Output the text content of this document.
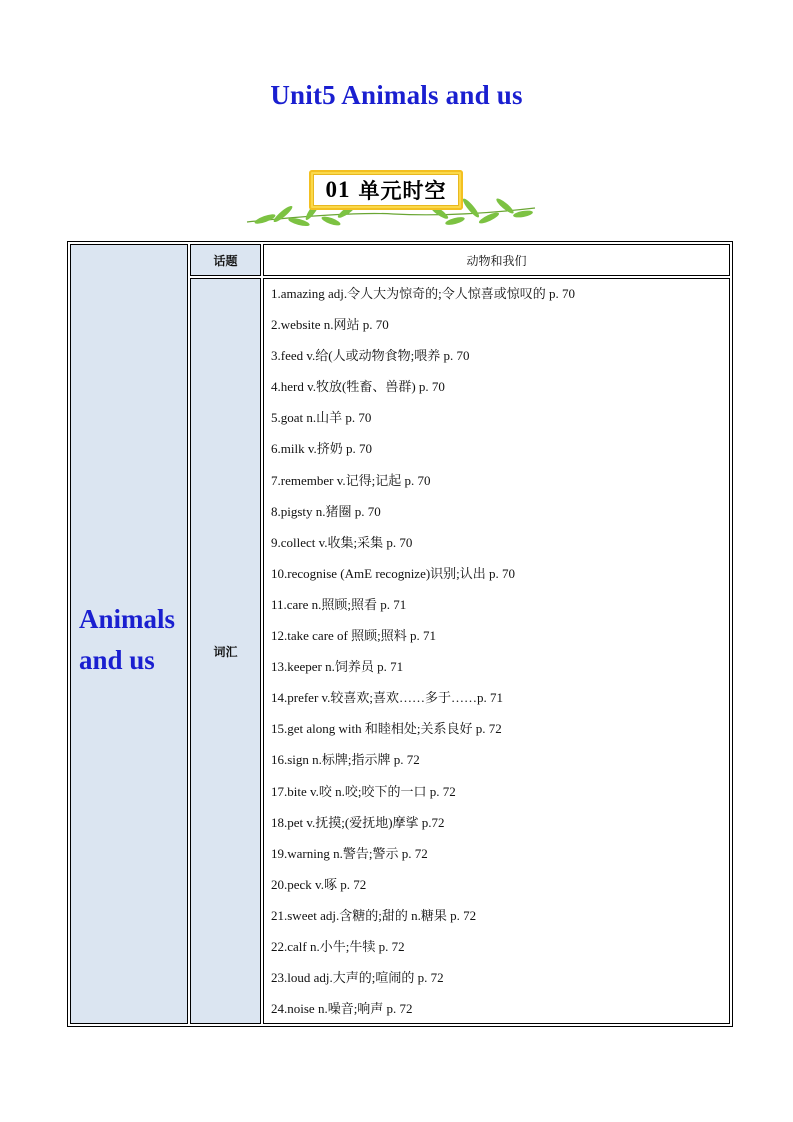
Unit5 Animals and us
01 单元时空
Animals and us
话题	动物和我们
词汇
1.amazing adj.令人大为惊奇的;令人惊喜或惊叹的 p. 70
2.website n.网站 p. 70
3.feed v.给(人或动物食物;喂养 p. 70
4.herd v.牧放(牲畜、兽群) p. 70
5.goat n.山羊 p. 70
6.milk v.挤奶 p. 70
7.remember v.记得;记起 p. 70
8.pigsty n.猪圈 p. 70
9.collect v.收集;采集 p. 70
10.recognise (AmE recognize)识别;认出 p. 70
11.care n.照顾;照看 p. 71
12.take care of 照顾;照料 p. 71
13.keeper n.饲养员 p. 71
14.prefer v.较喜欢;喜欢……多于……p. 71
15.get along with 和睦相处;关系良好 p. 72
16.sign n.标牌;指示牌 p. 72
17.bite v.咬 n.咬;咬下的一口 p. 72
18.pet v.抚摸;(爱抚地)摩挲 p.72
19.warning n.警告;警示 p. 72
20.peck v.啄 p. 72
21.sweet adj.含糖的;甜的 n.糖果 p. 72
22.calf n.小牛;牛犊 p. 72
23.loud adj.大声的;喧闹的 p. 72
24.noise n.噪音;响声 p. 72
